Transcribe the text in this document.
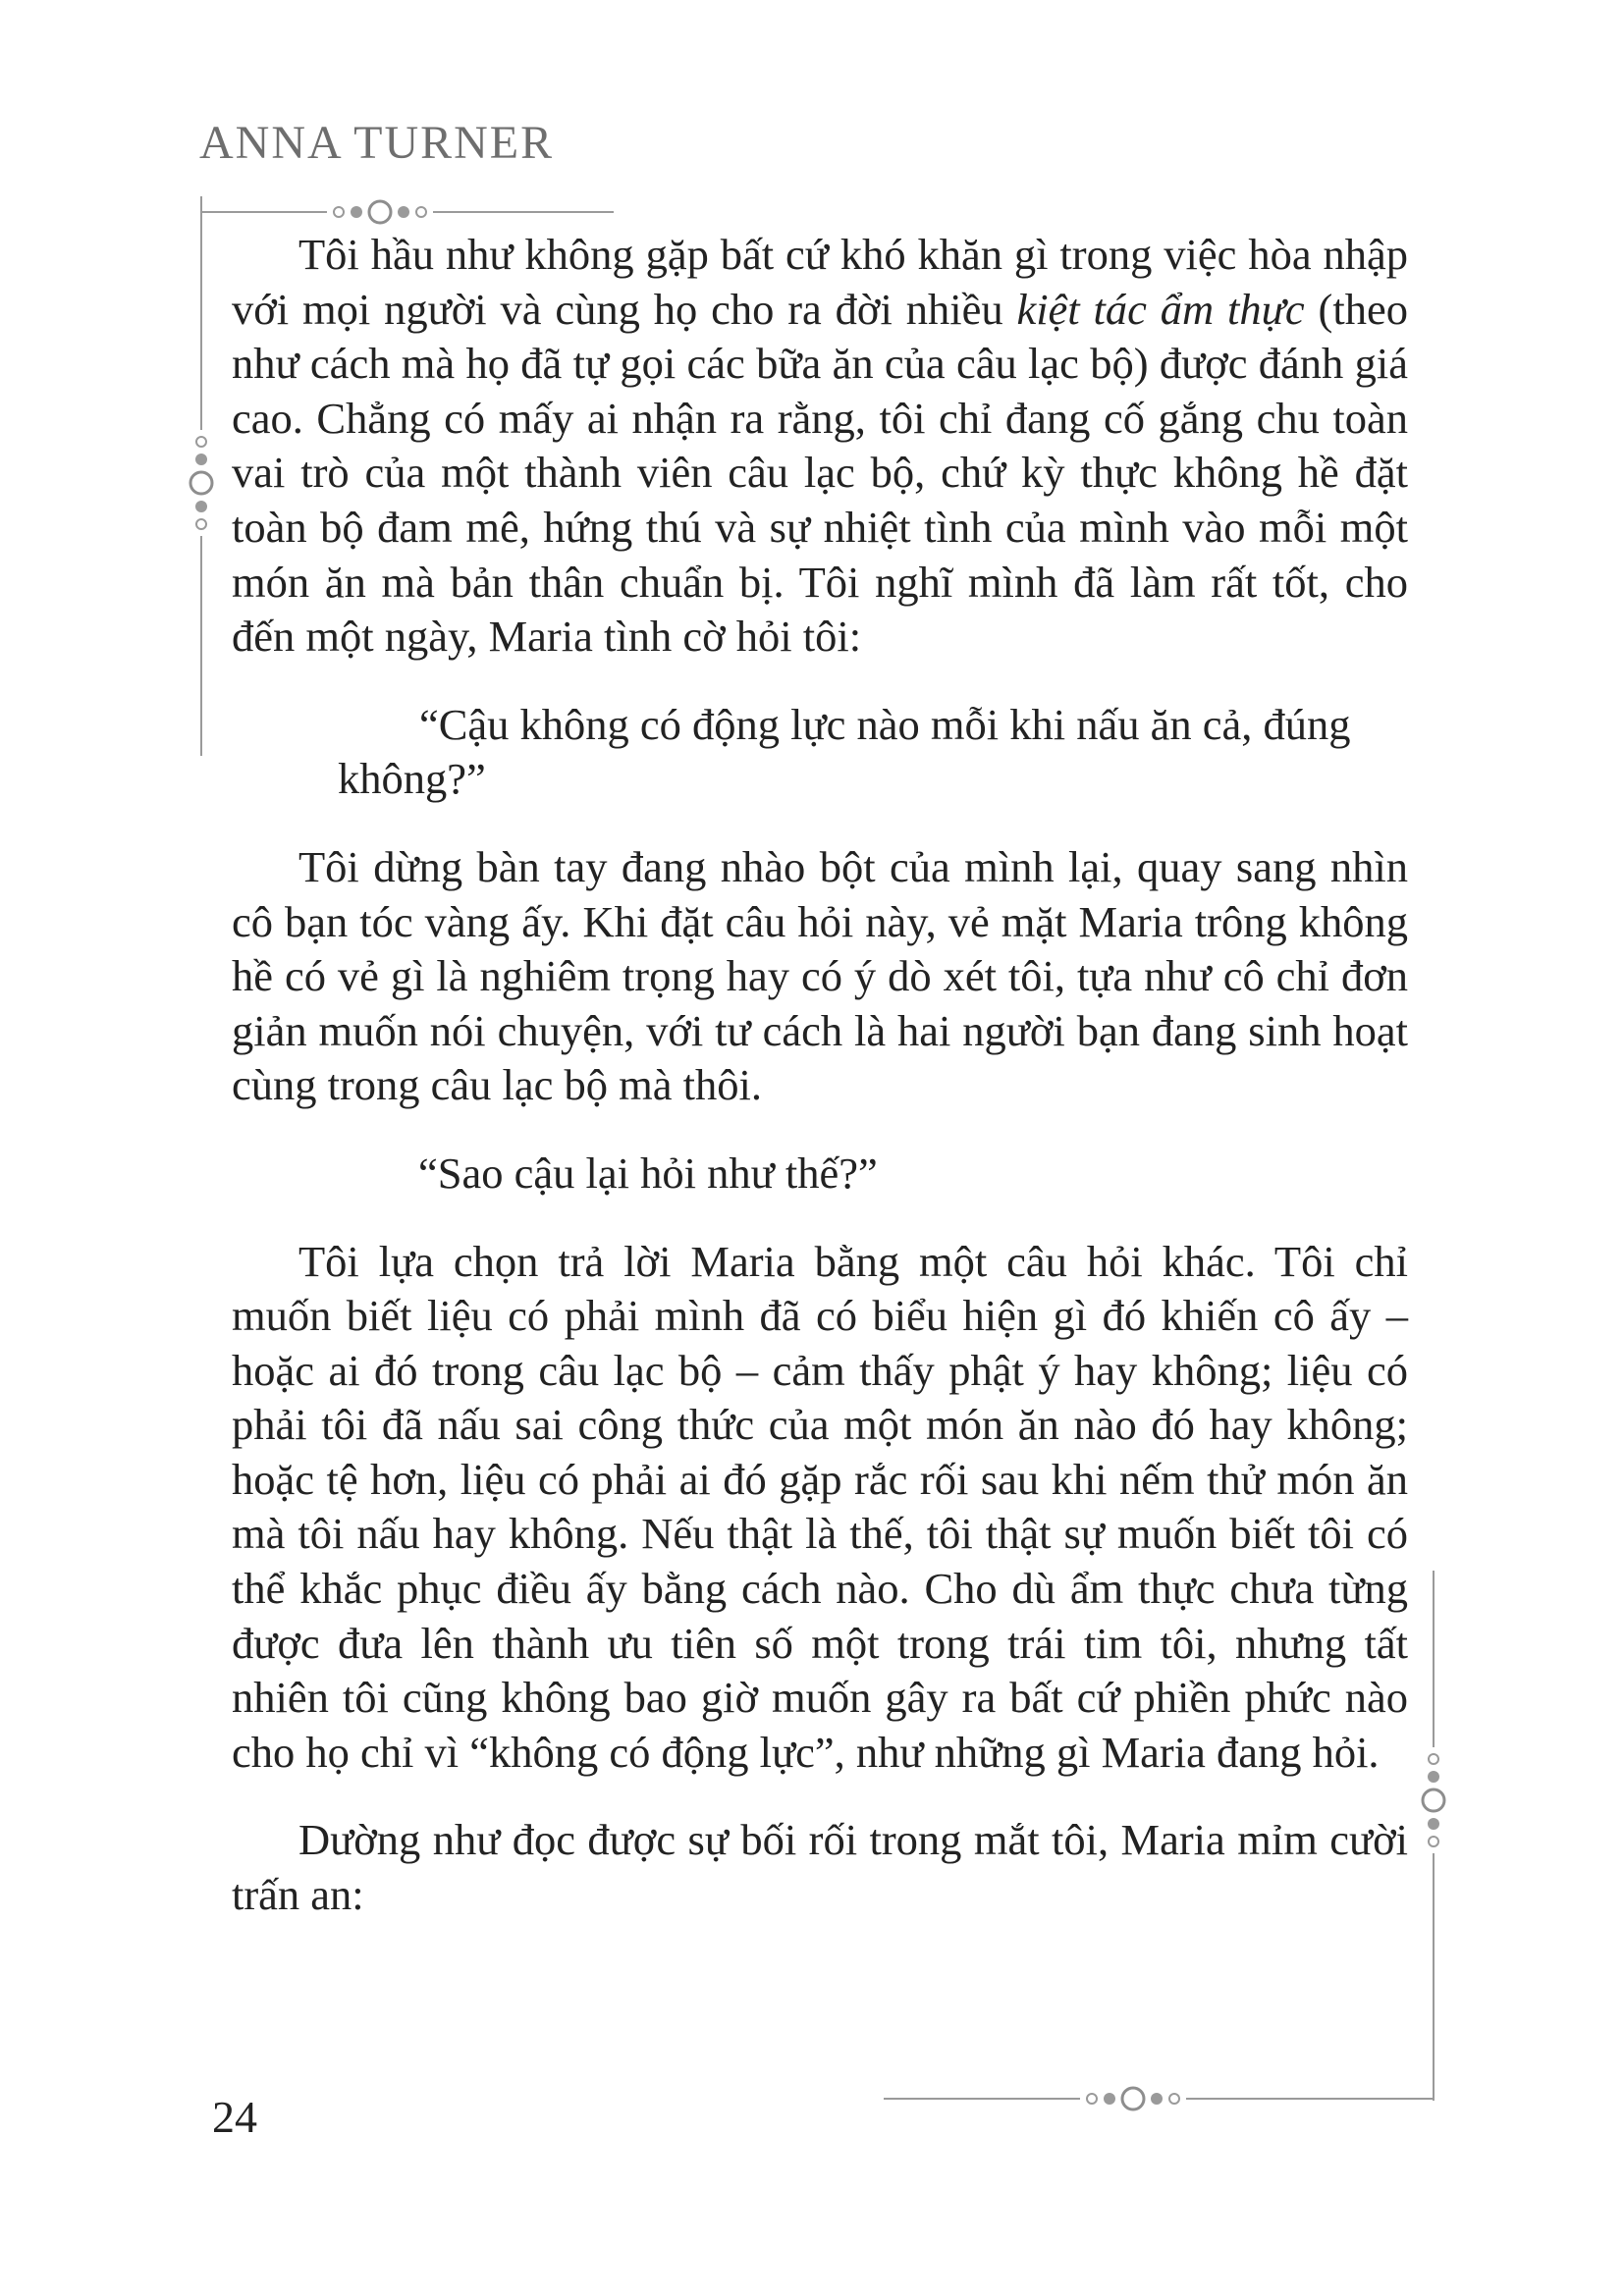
ANNA TURNER

Tôi hầu như không gặp bất cứ khó khăn gì trong việc hòa nhập với mọi người và cùng họ cho ra đời nhiều kiệt tác ẩm thực (theo như cách mà họ đã tự gọi các bữa ăn của câu lạc bộ) được đánh giá cao. Chẳng có mấy ai nhận ra rằng, tôi chỉ đang cố gắng chu toàn vai trò của một thành viên câu lạc bộ, chứ kỳ thực không hề đặt toàn bộ đam mê, hứng thú và sự nhiệt tình của mình vào mỗi một món ăn mà bản thân chuẩn bị. Tôi nghĩ mình đã làm rất tốt, cho đến một ngày, Maria tình cờ hỏi tôi:

“Cậu không có động lực nào mỗi khi nấu ăn cả, đúng không?”

Tôi dừng bàn tay đang nhào bột của mình lại, quay sang nhìn cô bạn tóc vàng ấy. Khi đặt câu hỏi này, vẻ mặt Maria trông không hề có vẻ gì là nghiêm trọng hay có ý dò xét tôi, tựa như cô chỉ đơn giản muốn nói chuyện, với tư cách là hai người bạn đang sinh hoạt cùng trong câu lạc bộ mà thôi.

“Sao cậu lại hỏi như thế?”

Tôi lựa chọn trả lời Maria bằng một câu hỏi khác. Tôi chỉ muốn biết liệu có phải mình đã có biểu hiện gì đó khiến cô ấy – hoặc ai đó trong câu lạc bộ – cảm thấy phật ý hay không; liệu có phải tôi đã nấu sai công thức của một món ăn nào đó hay không; hoặc tệ hơn, liệu có phải ai đó gặp rắc rối sau khi nếm thử món ăn mà tôi nấu hay không. Nếu thật là thế, tôi thật sự muốn biết tôi có thể khắc phục điều ấy bằng cách nào. Cho dù ẩm thực chưa từng được đưa lên thành ưu tiên số một trong trái tim tôi, nhưng tất nhiên tôi cũng không bao giờ muốn gây ra bất cứ phiền phức nào cho họ chỉ vì “không có động lực”, như những gì Maria đang hỏi.

Dường như đọc được sự bối rối trong mắt tôi, Maria mỉm cười trấn an:

24
